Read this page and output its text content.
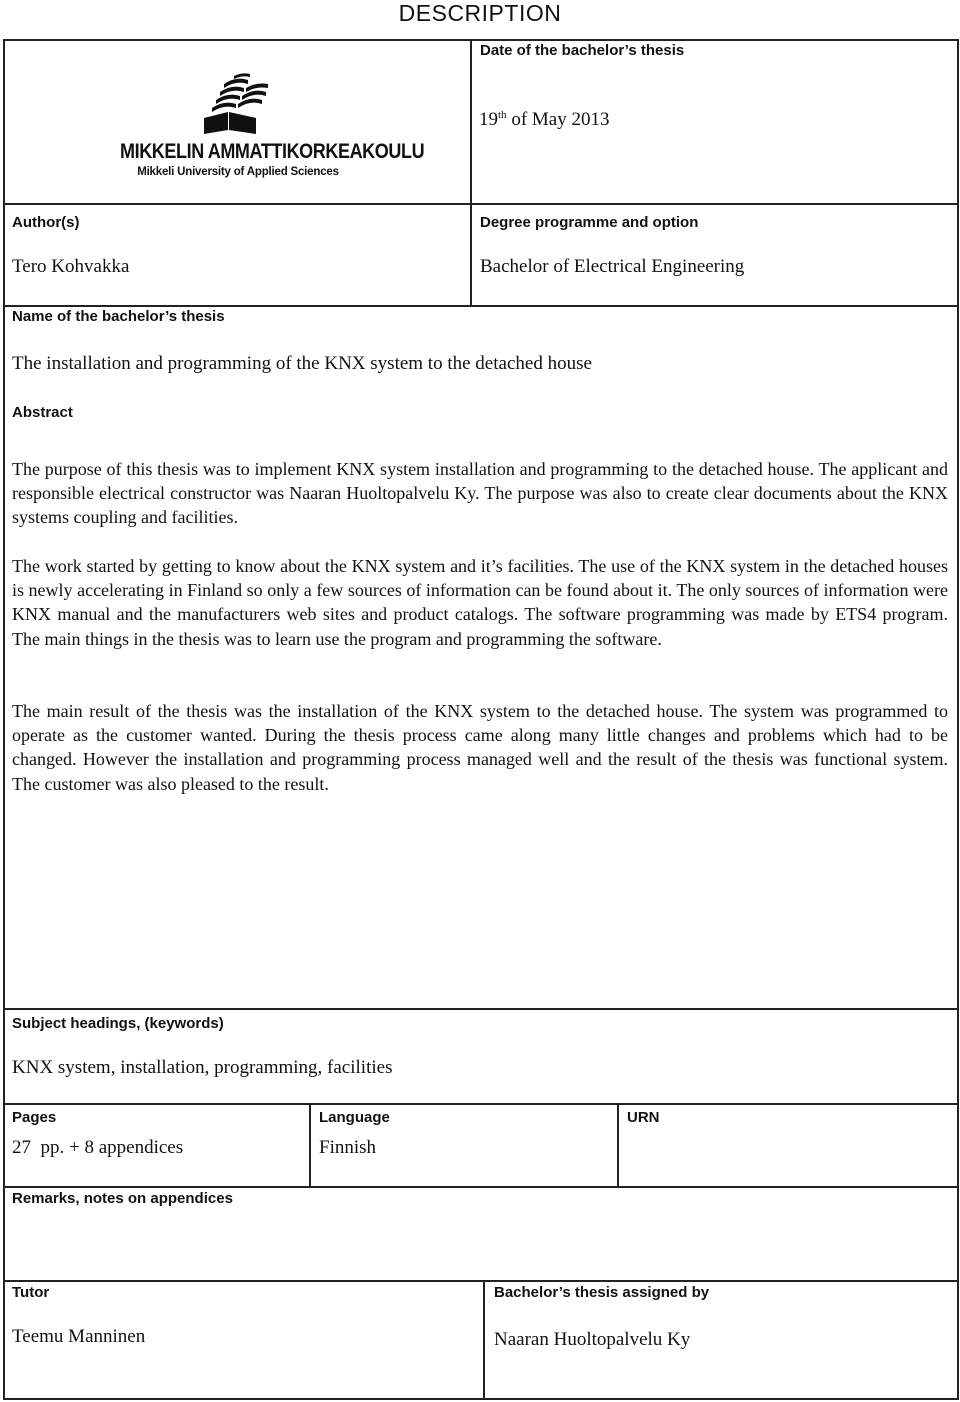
DESCRIPTION
MIKKELIN AMMATTIKORKEAKOULU
Mikkeli University of Applied Sciences
Date of the bachelor’s thesis
19th of May 2013
Author(s)
Tero Kohvakka
Degree programme and option
Bachelor of Electrical Engineering
Name of the bachelor’s thesis
The installation and programming of the KNX system to the detached house
Abstract
The purpose of this thesis was to implement KNX system installation and programming to the detached house. The applicant and responsible electrical constructor was Naaran Huoltopalvelu Ky. The purpose was also to create clear documents about the KNX systems coupling and facilities.
The work started by getting to know about the KNX system and it’s facilities. The use of the KNX system in the detached houses is newly accelerating in Finland so only a few sources of information can be found about it. The only sources of information were KNX manual and the manufacturers web sites and product catalogs. The software programming was made by ETS4 program. The main things in the thesis was to learn use the program and programming the software.
The main result of the thesis was the installation of the KNX system to the detached house. The system was programmed to operate as the customer wanted. During the thesis process came along many little changes and problems which had to be changed. However the installation and programming process managed well and the result of the thesis was functional system. The customer was also pleased to the result.
Subject headings, (keywords)
KNX system, installation, programming, facilities
Pages
27  pp. + 8 appendices
Language
Finnish
URN
Remarks, notes on appendices
Tutor
Teemu Manninen
Bachelor’s thesis assigned by
Naaran Huoltopalvelu Ky
